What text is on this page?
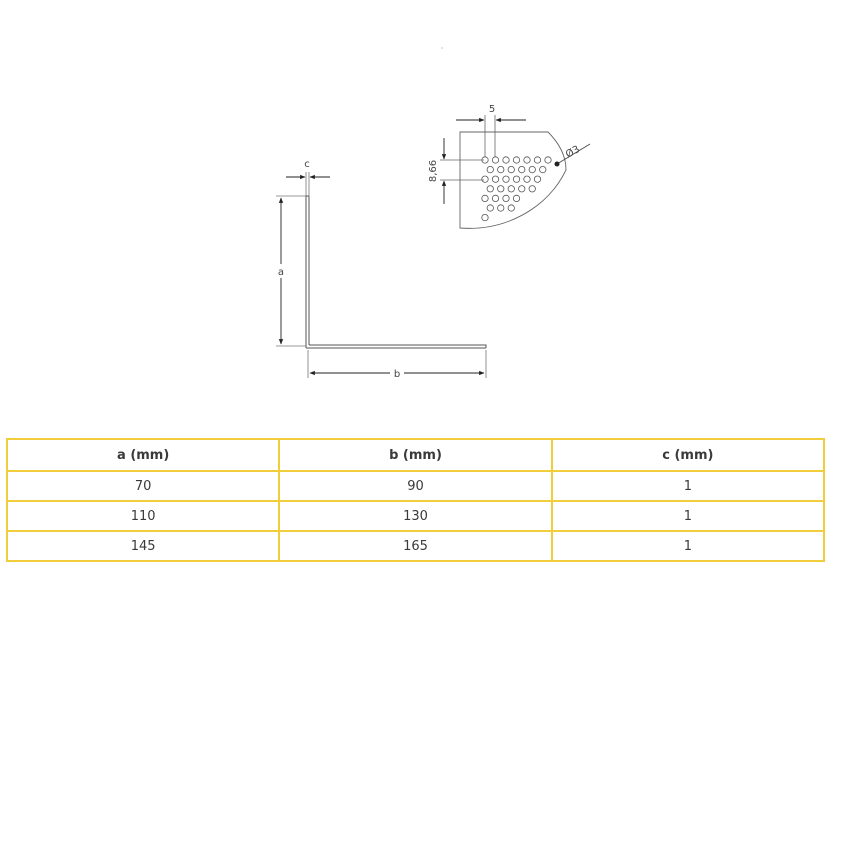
a
b
c
5
8,66
Ø3
a (mm)	b (mm)	c (mm)
70	90	1
110	130	1
145	165	1
